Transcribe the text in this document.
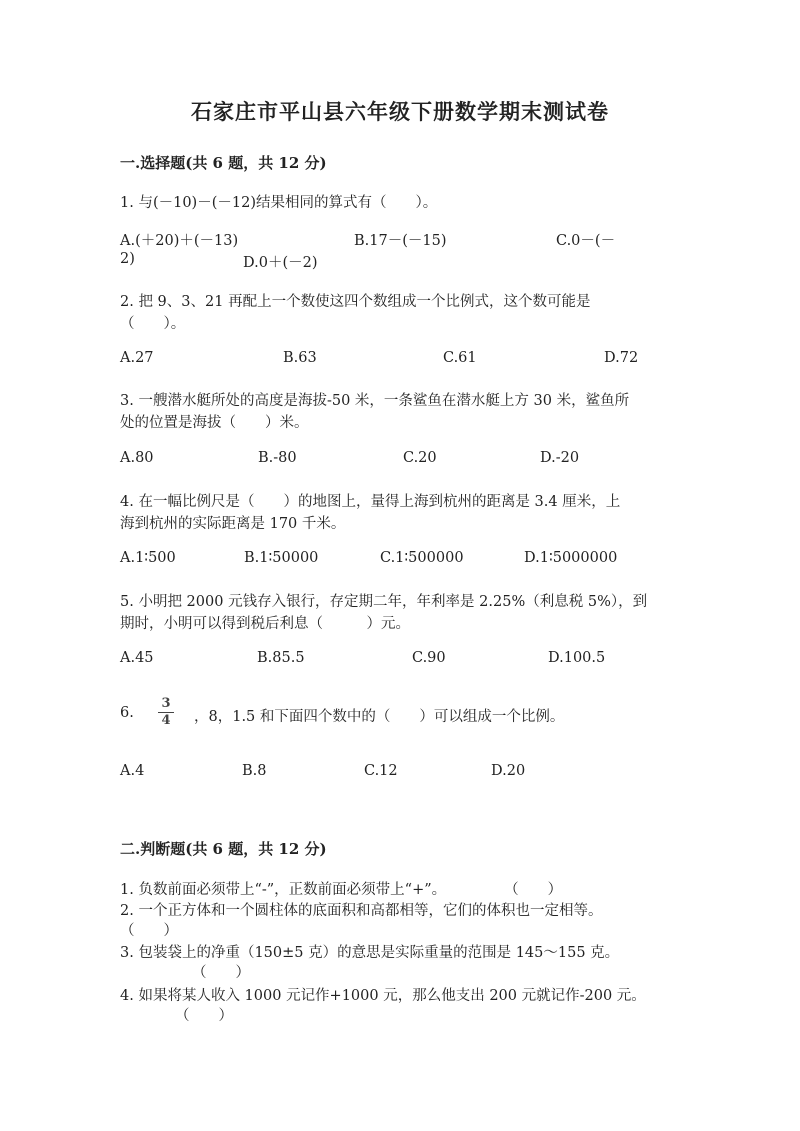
石家庄市平山县六年级下册数学期末测试卷
一.选择题(共 6 题，共 12 分)
1. 与(－10)－(－12)结果相同的算式有（　　）。
A.(＋20)＋(－13)	B.17－(－15)	C.0－(－
2)	D.0＋(－2)
2. 把 9、3、21 再配上一个数使这四个数组成一个比例式，这个数可能是
（　　）。
A.27	B.63	C.61	D.72
3. 一艘潜水艇所处的高度是海拔-50 米，一条鲨鱼在潜水艇上方 30 米，鲨鱼所
处的位置是海拔（　　）米。
A.80	B.-80	C.20	D.-20
4. 在一幅比例尺是（　　）的地图上，量得上海到杭州的距离是 3.4 厘米，上
海到杭州的实际距离是 170 千米。
A.1∶500	B.1∶50000	C.1∶500000	D.1∶5000000
5. 小明把 2000 元钱存入银行，存定期二年，年利率是 2.25%（利息税 5%），到
期时，小明可以得到税后利息（　　　）元。
A.45	B.85.5	C.90	D.100.5
6.
3
4 ，8，1.5 和下面四个数中的（　　）可以组成一个比例。
A.4	B.8	C.12	D.20
二.判断题(共 6 题，共 12 分)
1. 负数前面必须带上“-”，正数前面必须带上“+”。　　　　　（　　）
2. 一个正方体和一个圆柱体的底面积和高都相等，它们的体积也一定相等。
（　　）
3. 包装袋上的净重（150±5 克）的意思是实际重量的范围是 145～155 克。
（　　）
4. 如果将某人收入 1000 元记作+1000 元，那么他支出 200 元就记作-200 元。
（　　）
